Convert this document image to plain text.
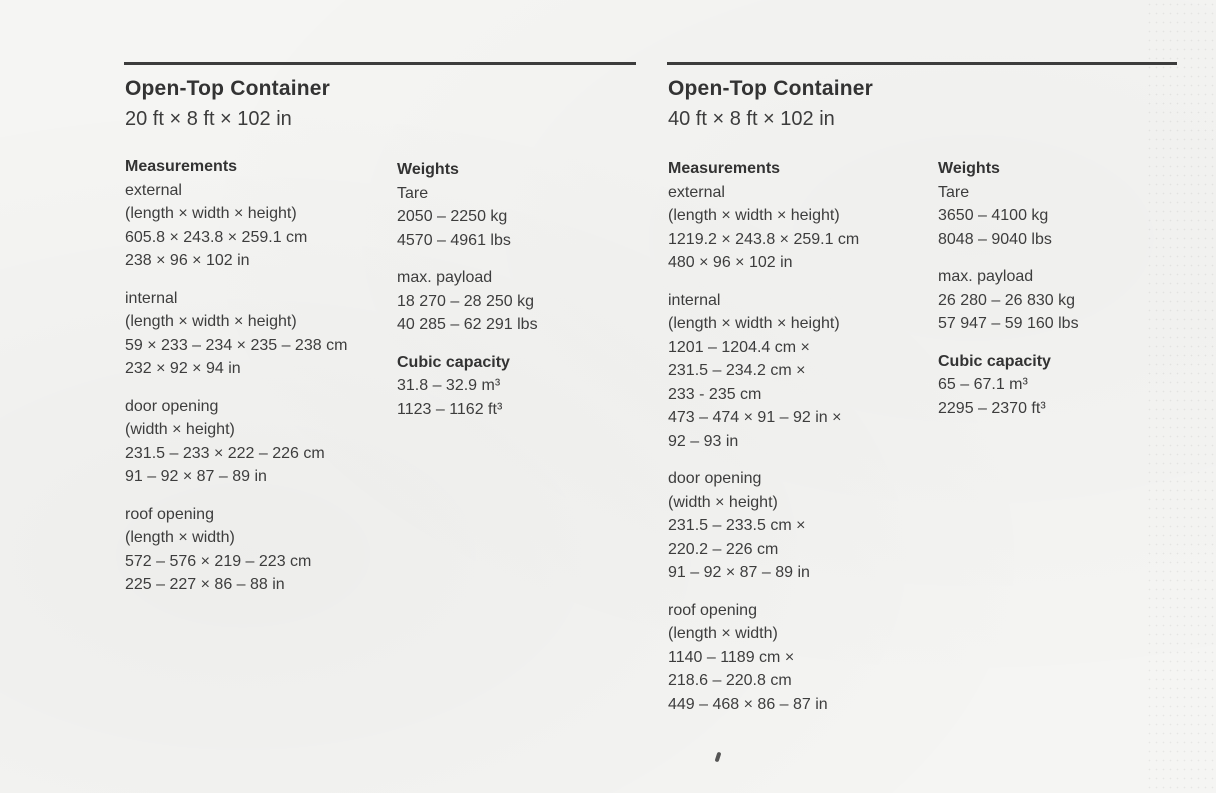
Open-Top Container
20 ft × 8 ft × 102 in
Measurements
external
(length × width × height)
605.8 × 243.8 × 259.1 cm
238 × 96 × 102 in
internal
(length × width × height)
59 × 233 – 234 × 235 – 238 cm
232 × 92 × 94 in
door opening
(width × height)
231.5 – 233 × 222 – 226 cm
91 – 92 × 87 – 89 in
roof opening
(length × width)
572 – 576 × 219 – 223 cm
225 – 227 × 86 – 88 in
Weights
Tare
2050 – 2250 kg
4570 – 4961 lbs
max. payload
18 270 – 28 250 kg
40 285 – 62 291 lbs
Cubic capacity
31.8 – 32.9 m³
1123 – 1162 ft³
Open-Top Container
40 ft × 8 ft × 102 in
Measurements
external
(length × width × height)
1219.2 × 243.8 × 259.1 cm
480 × 96 × 102 in
internal
(length × width × height)
1201 – 1204.4 cm ×
231.5 – 234.2 cm ×
233 - 235 cm
473 – 474 × 91 – 92 in ×
92 – 93 in
door opening
(width × height)
231.5 – 233.5 cm ×
220.2 – 226 cm
91 – 92 × 87 – 89 in
roof opening
(length × width)
1140 – 1189 cm ×
218.6 – 220.8 cm
449 – 468 × 86 – 87 in
Weights
Tare
3650 – 4100 kg
8048 – 9040 lbs
max. payload
26 280 – 26 830 kg
57 947 – 59 160 lbs
Cubic capacity
65 – 67.1 m³
2295 – 2370 ft³
